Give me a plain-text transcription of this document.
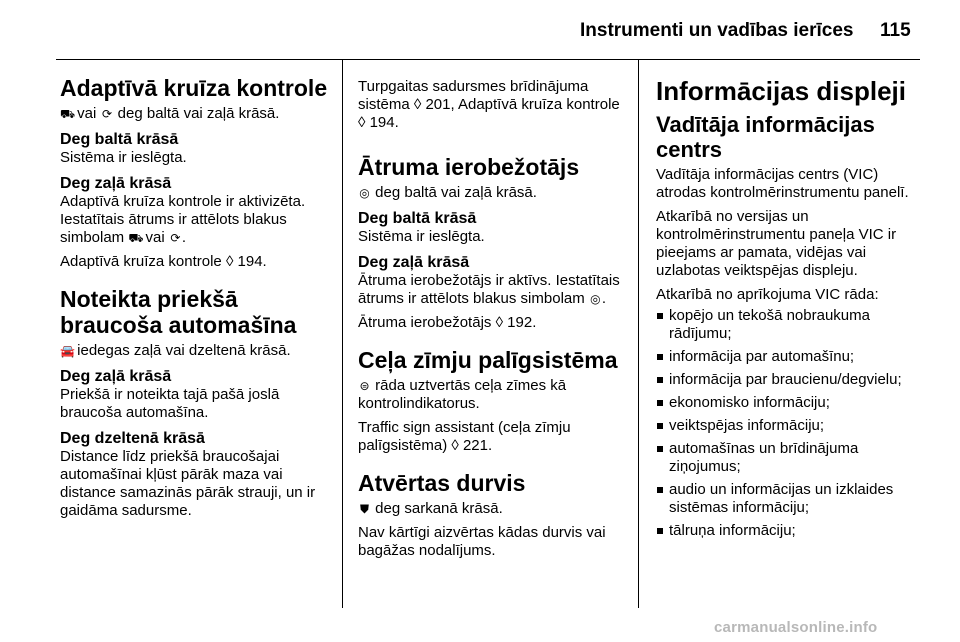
Instrumenti un vadības ierīces 115
Adaptīvā kruīza kontrole
⛟ vai ⟳ deg baltā vai zaļā krāsā.
Deg baltā krāsā
Sistēma ir ieslēgta.
Deg zaļā krāsā
Adaptīvā kruīza kontrole ir aktivizēta. Iestatītais ātrums ir attēlots blakus simbolam ⛟ vai ⟳.
Adaptīvā kruīza kontrole ◊ 194.
Noteikta priekšā braucoša automašīna
🚘 iedegas zaļā vai dzeltenā krāsā.
Deg zaļā krāsā
Priekšā ir noteikta tajā pašā joslā braucoša automašīna.
Deg dzeltenā krāsā
Distance līdz priekšā braucošajai automašīnai kļūst pārāk maza vai distance samazinās pārāk strauji, un ir gaidāma sadursme.
Turpgaitas sadursmes brīdinājuma sistēma ◊ 201, Adaptīvā kruīza kontrole ◊ 194.
Ātruma ierobežotājs
◎ deg baltā vai zaļā krāsā.
Deg baltā krāsā
Sistēma ir ieslēgta.
Deg zaļā krāsā
Ātruma ierobežotājs ir aktīvs. Iestatītais ātrums ir attēlots blakus simbolam ◎.
Ātruma ierobežotājs ◊ 192.
Ceļa zīmju palīgsistēma
⊜ rāda uztvertās ceļa zīmes kā kontrolindikatorus.
Traffic sign assistant (ceļa zīmju palīgsistēma) ◊ 221.
Atvērtas durvis
⛊ deg sarkanā krāsā.
Nav kārtīgi aizvērtas kādas durvis vai bagāžas nodalījums.
Informācijas displeji
Vadītāja informācijas centrs
Vadītāja informācijas centrs (VIC) atrodas kontrolmērinstrumentu panelī.
Atkarībā no versijas un kontrolmērinstrumentu paneļa VIC ir pieejams ar pamata, vidējas vai uzlabotas veiktspējas displeju.
Atkarībā no aprīkojuma VIC rāda:
kopējo un tekošā nobraukuma rādījumu;
informācija par automašīnu;
informācija par braucienu/degvielu;
ekonomisko informāciju;
veiktspējas informāciju;
automašīnas un brīdinājuma ziņojumus;
audio un informācijas un izklaides sistēmas informāciju;
tālruņa informāciju;
carmanualsonline.info
